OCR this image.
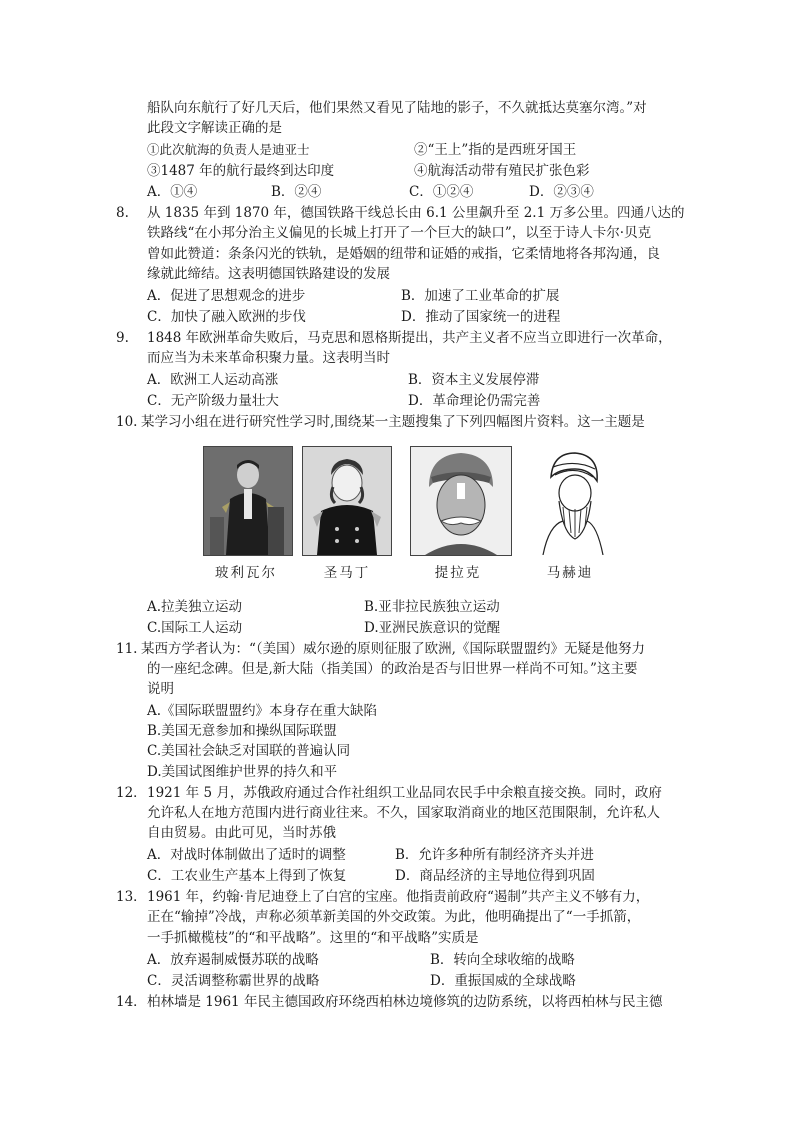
船队向东航行了好几天后，他们果然又看见了陆地的影子，不久就抵达莫塞尔湾。”对
此段文字解读正确的是
①此次航海的负责人是迪亚士	②“王上”指的是西班牙国王
③1487 年的航行最终到达印度	④航海活动带有殖民扩张色彩
A．①④	B．②④	C．①②④	D．②③④
8. 从 1835 年到 1870 年，德国铁路干线总长由 6.1 公里飙升至 2.1 万多公里。四通八达的
铁路线“在小邦分治主义偏见的长城上打开了一个巨大的缺口”，以至于诗人卡尔·贝克
曾如此赞道：条条闪光的铁轨，是婚姻的纽带和证婚的戒指，它柔情地将各邦沟通，良
缘就此缔结。这表明德国铁路建设的发展
A．促进了思想观念的进步	B．加速了工业革命的扩展
C．加快了融入欧洲的步伐	D．推动了国家统一的进程
9. 1848 年欧洲革命失败后，马克思和恩格斯提出，共产主义者不应当立即进行一次革命，
而应当为未来革命积聚力量。这表明当时
A．欧洲工人运动高涨	B．资本主义发展停滞
C．无产阶级力量壮大	D．革命理论仍需完善
10. 某学习小组在进行研究性学习时,围绕某一主题搜集了下列四幅图片资料。这一主题是
玻利瓦尔	圣马丁	提拉克	马赫迪
A.拉美独立运动	B.亚非拉民族独立运动
C.国际工人运动	D.亚洲民族意识的觉醒
11. 某西方学者认为：“（美国）威尔逊的原则征服了欧洲,《国际联盟盟约》无疑是他努力
的一座纪念碑。但是,新大陆（指美国）的政治是否与旧世界一样尚不可知。”这主要
说明
A.《国际联盟盟约》本身存在重大缺陷
B.美国无意参加和操纵国际联盟
C.美国社会缺乏对国联的普遍认同
D.美国试图维护世界的持久和平
12． 1921 年 5 月，苏俄政府通过合作社组织工业品同农民手中余粮直接交换。同时，政府
允许私人在地方范围内进行商业往来。不久，国家取消商业的地区范围限制，允许私人
自由贸易。由此可见，当时苏俄
A．对战时体制做出了适时的调整	B．允许多种所有制经济齐头并进
C．工农业生产基本上得到了恢复	D．商品经济的主导地位得到巩固
13． 1961 年，约翰·肯尼迪登上了白宫的宝座。他指责前政府“遏制”共产主义不够有力，
正在“输掉”冷战，声称必须革新美国的外交政策。为此，他明确提出了“一手抓箭，
一手抓橄榄枝”的“和平战略”。这里的“和平战略”实质是
A．放弃遏制威慑苏联的战略	B．转向全球收缩的战略
C．灵活调整称霸世界的战略	D．重振国威的全球战略
14． 柏林墙是 1961 年民主德国政府环绕西柏林边境修筑的边防系统，以将西柏林与民主德
